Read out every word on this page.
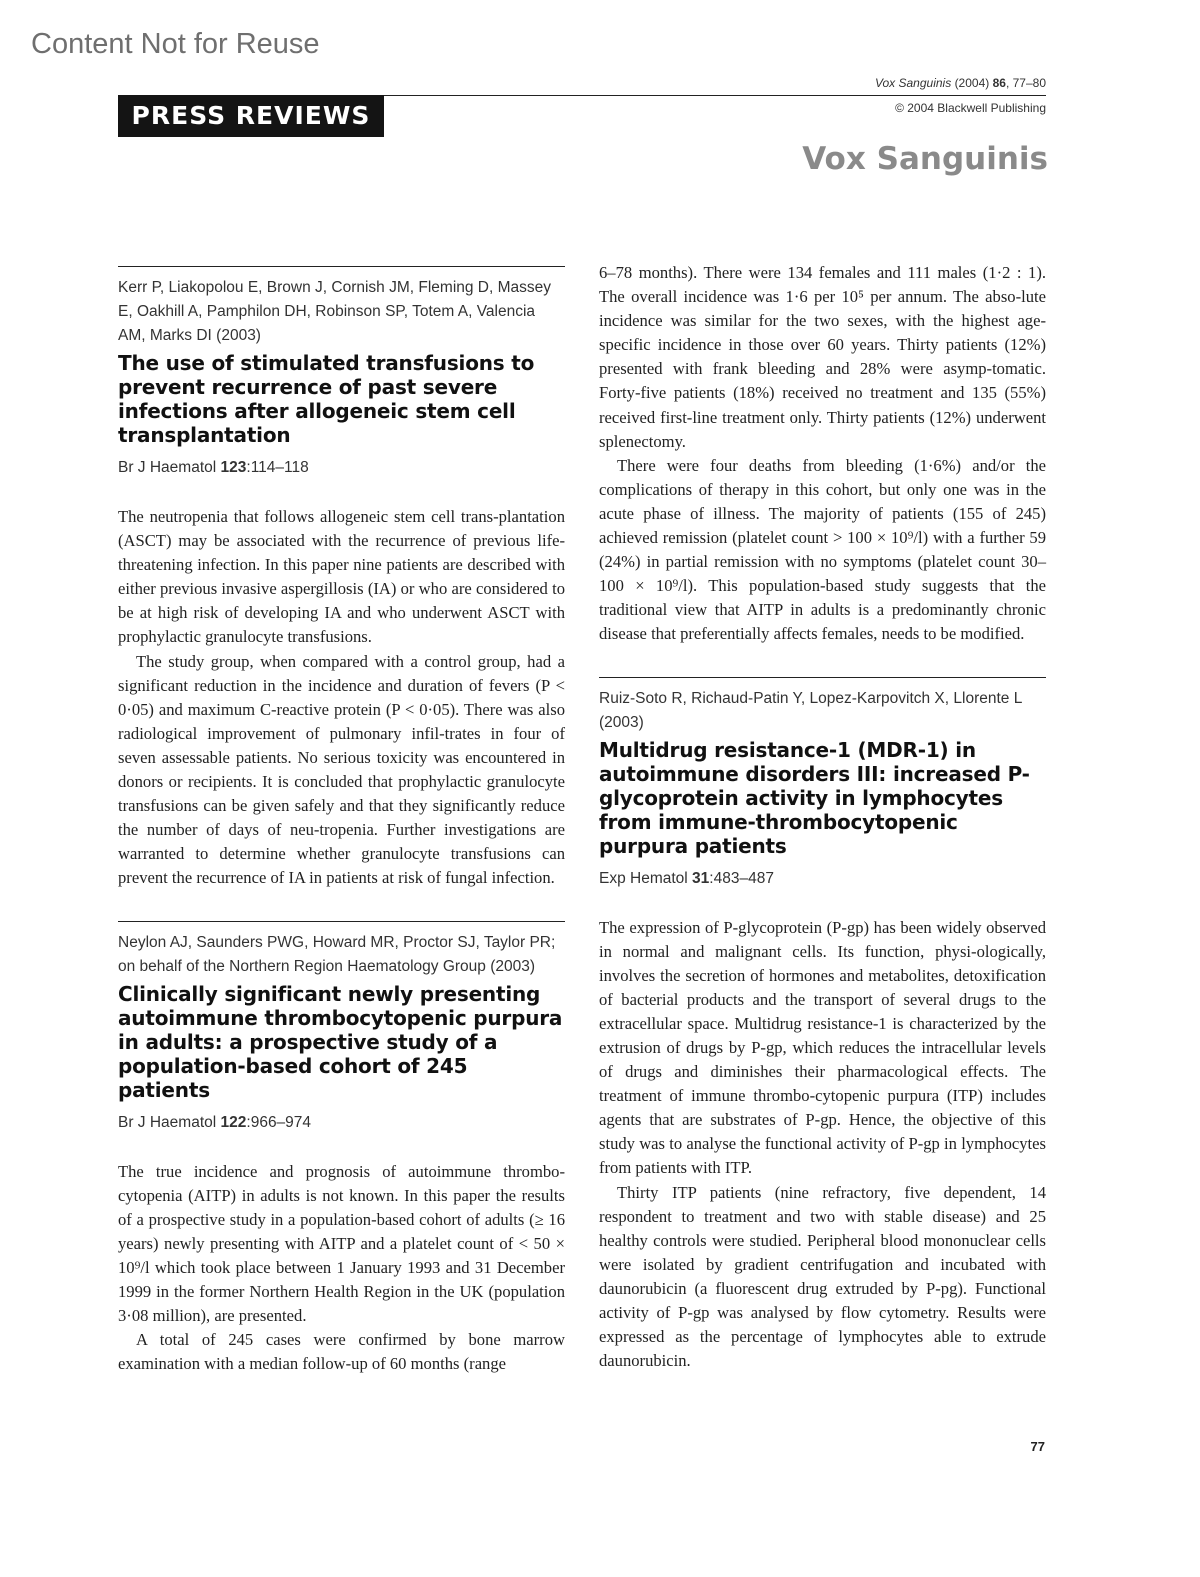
Content Not for Reuse
PRESS REVIEWS
Vox Sanguinis (2004) 86, 77–80
© 2004 Blackwell Publishing
Vox Sanguinis
Kerr P, Liakopolou E, Brown J, Cornish JM, Fleming D, Massey E, Oakhill A, Pamphilon DH, Robinson SP, Totem A, Valencia AM, Marks DI (2003)
The use of stimulated transfusions to prevent recurrence of past severe infections after allogeneic stem cell transplantation
Br J Haematol 123:114–118

The neutropenia that follows allogeneic stem cell trans-plantation (ASCT) may be associated with the recurrence of previous life-threatening infection. In this paper nine patients are described with either previous invasive aspergillosis (IA) or who are considered to be at high risk of developing IA and who underwent ASCT with prophylactic granulocyte transfusions.

The study group, when compared with a control group, had a significant reduction in the incidence and duration of fevers (P < 0·05) and maximum C-reactive protein (P < 0·05). There was also radiological improvement of pulmonary infil-trates in four of seven assessable patients. No serious toxicity was encountered in donors or recipients. It is concluded that prophylactic granulocyte transfusions can be given safely and that they significantly reduce the number of days of neu-tropenia. Further investigations are warranted to determine whether granulocyte transfusions can prevent the recurrence of IA in patients at risk of fungal infection.

Neylon AJ, Saunders PWG, Howard MR, Proctor SJ, Taylor PR; on behalf of the Northern Region Haematology Group (2003)
Clinically significant newly presenting autoimmune thrombocytopenic purpura in adults: a prospective study of a population-based cohort of 245 patients
Br J Haematol 122:966–974

The true incidence and prognosis of autoimmune thrombo-cytopenia (AITP) in adults is not known. In this paper the results of a prospective study in a population-based cohort of adults (≥ 16 years) newly presenting with AITP and a platelet count of < 50 × 10⁹/l which took place between 1 January 1993 and 31 December 1999 in the former Northern Health Region in the UK (population 3·08 million), are presented.

A total of 245 cases were confirmed by bone marrow examination with a median follow-up of 60 months (range

6–78 months). There were 134 females and 111 males (1·2 : 1). The overall incidence was 1·6 per 10⁵ per annum. The abso-lute incidence was similar for the two sexes, with the highest age-specific incidence in those over 60 years. Thirty patients (12%) presented with frank bleeding and 28% were asymp-tomatic. Forty-five patients (18%) received no treatment and 135 (55%) received first-line treatment only. Thirty patients (12%) underwent splenectomy.

There were four deaths from bleeding (1·6%) and/or the complications of therapy in this cohort, but only one was in the acute phase of illness. The majority of patients (155 of 245) achieved remission (platelet count > 100 × 10⁹/l) with a further 59 (24%) in partial remission with no symptoms (platelet count 30–100 × 10⁹/l). This population-based study suggests that the traditional view that AITP in adults is a predominantly chronic disease that preferentially affects females, needs to be modified.

Ruiz-Soto R, Richaud-Patin Y, Lopez-Karpovitch X, Llorente L (2003)
Multidrug resistance-1 (MDR-1) in autoimmune disorders III: increased P-glycoprotein activity in lymphocytes from immune-thrombocytopenic purpura patients
Exp Hematol 31:483–487

The expression of P-glycoprotein (P-gp) has been widely observed in normal and malignant cells. Its function, physi-ologically, involves the secretion of hormones and metabolites, detoxification of bacterial products and the transport of several drugs to the extracellular space. Multidrug resistance-1 is characterized by the extrusion of drugs by P-gp, which reduces the intracellular levels of drugs and diminishes their pharmacological effects. The treatment of immune thrombo-cytopenic purpura (ITP) includes agents that are substrates of P-gp. Hence, the objective of this study was to analyse the functional activity of P-gp in lymphocytes from patients with ITP.

Thirty ITP patients (nine refractory, five dependent, 14 respondent to treatment and two with stable disease) and 25 healthy controls were studied. Peripheral blood mononuclear cells were isolated by gradient centrifugation and incubated with daunorubicin (a fluorescent drug extruded by P-pg). Functional activity of P-gp was analysed by flow cytometry. Results were expressed as the percentage of lymphocytes able to extrude daunorubicin.

77
